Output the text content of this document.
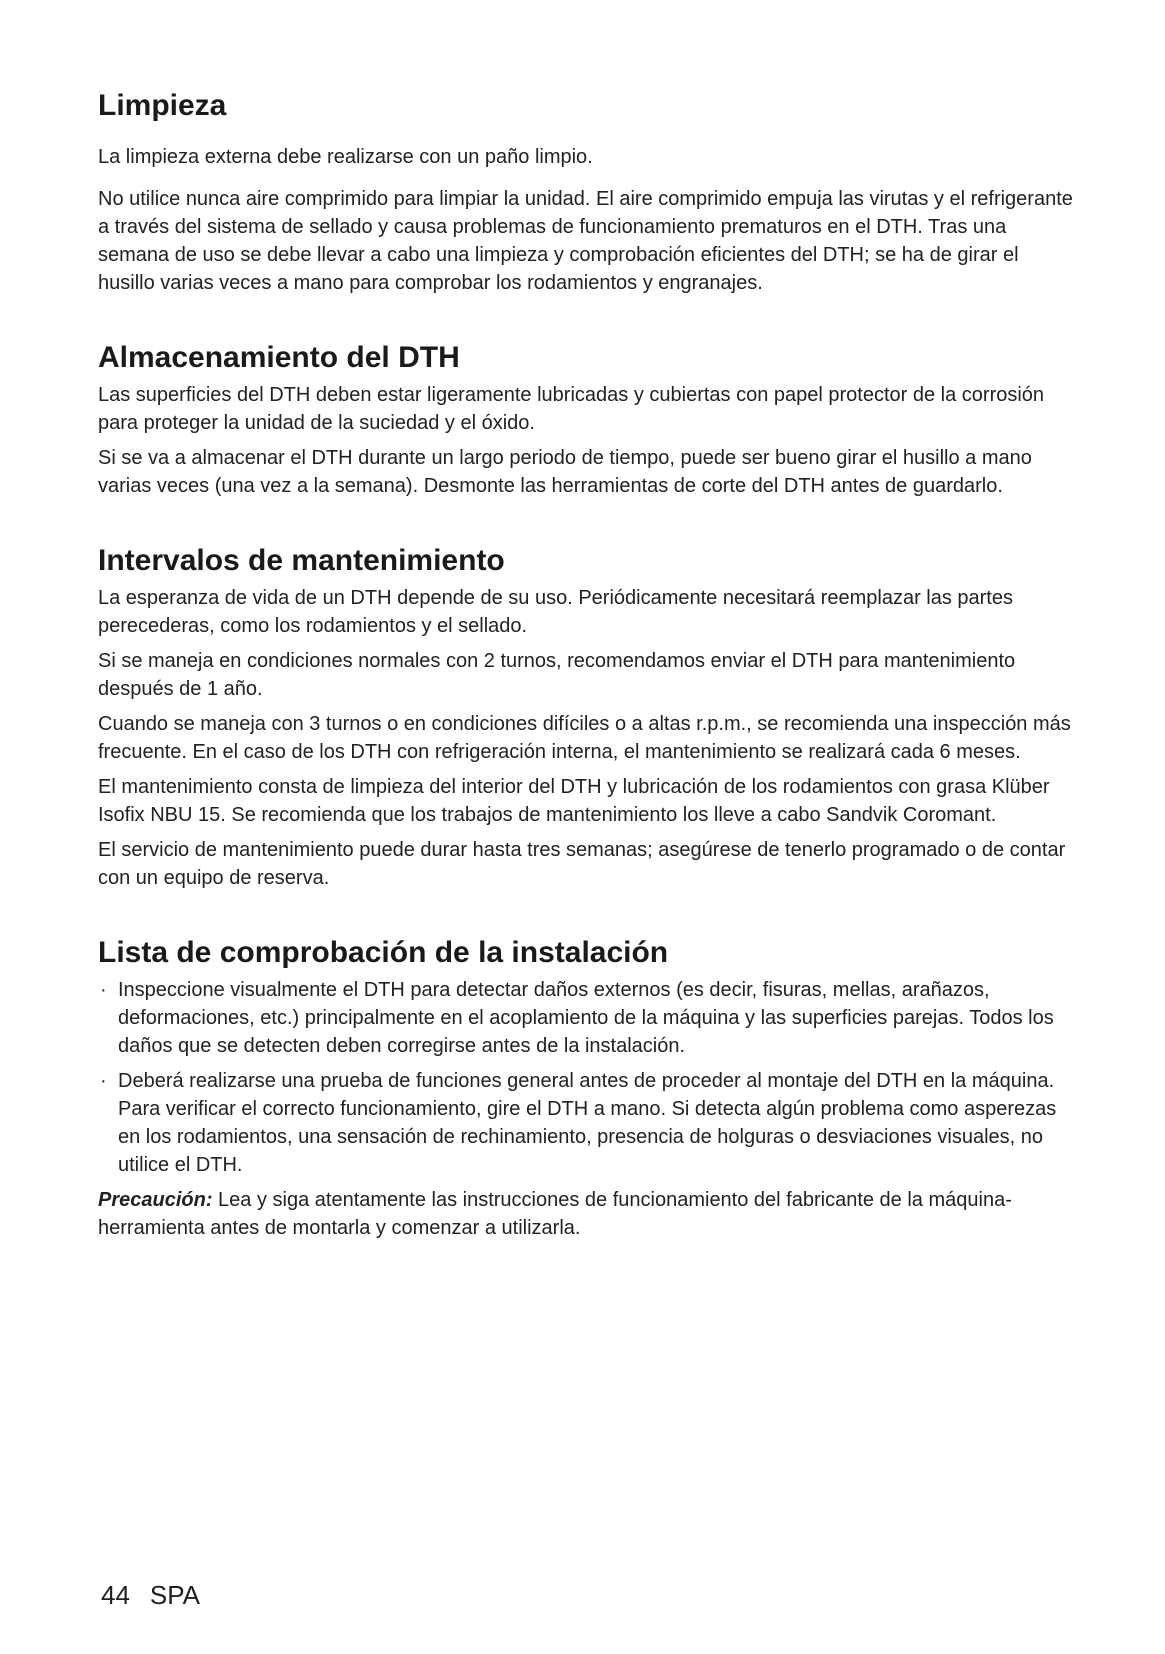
Limpieza

La limpieza externa debe realizarse con un paño limpio.

No utilice nunca aire comprimido para limpiar la unidad. El aire comprimido empuja las virutas y el refrigerante a través del sistema de sellado y causa problemas de funcionamiento prematuros en el DTH. Tras una semana de uso se debe llevar a cabo una limpieza y comprobación eficientes del DTH; se ha de girar el husillo varias veces a mano para comprobar los rodamientos y engranajes.

Almacenamiento del DTH

Las superficies del DTH deben estar ligeramente lubricadas y cubiertas con papel protector de la corrosión para proteger la unidad de la suciedad y el óxido.

Si se va a almacenar el DTH durante un largo periodo de tiempo, puede ser bueno girar el husillo a mano varias veces (una vez a la semana). Desmonte las herramientas de corte del DTH antes de guardarlo.

Intervalos de mantenimiento

La esperanza de vida de un DTH depende de su uso. Periódicamente necesitará reemplazar las partes perecederas, como los rodamientos y el sellado.

Si se maneja en condiciones normales con 2 turnos, recomendamos enviar el DTH para mantenimiento después de 1 año.

Cuando se maneja con 3 turnos o en condiciones difíciles o a altas r.p.m., se recomienda una inspección más frecuente. En el caso de los DTH con refrigeración interna, el mantenimiento se realizará cada 6 meses.

El mantenimiento consta de limpieza del interior del DTH y lubricación de los rodamientos con grasa Klüber Isofix NBU 15. Se recomienda que los trabajos de mantenimiento los lleve a cabo Sandvik Coromant.

El servicio de mantenimiento puede durar hasta tres semanas; asegúrese de tenerlo programado o de contar con un equipo de reserva.

Lista de comprobación de la instalación
· Inspeccione visualmente el DTH para detectar daños externos (es decir, fisuras, mellas, arañazos, deformaciones, etc.) principalmente en el acoplamiento de la máquina y las superficies parejas. Todos los daños que se detecten deben corregirse antes de la instalación.
· Deberá realizarse una prueba de funciones general antes de proceder al montaje del DTH en la máquina. Para verificar el correcto funcionamiento, gire el DTH a mano. Si detecta algún problema como asperezas en los rodamientos, una sensación de rechinamiento, presencia de holguras o desviaciones visuales, no utilice el DTH.

Precaución: Lea y siga atentamente las instrucciones de funcionamiento del fabricante de la máquina-herramienta antes de montarla y comenzar a utilizarla.

44 SPA
